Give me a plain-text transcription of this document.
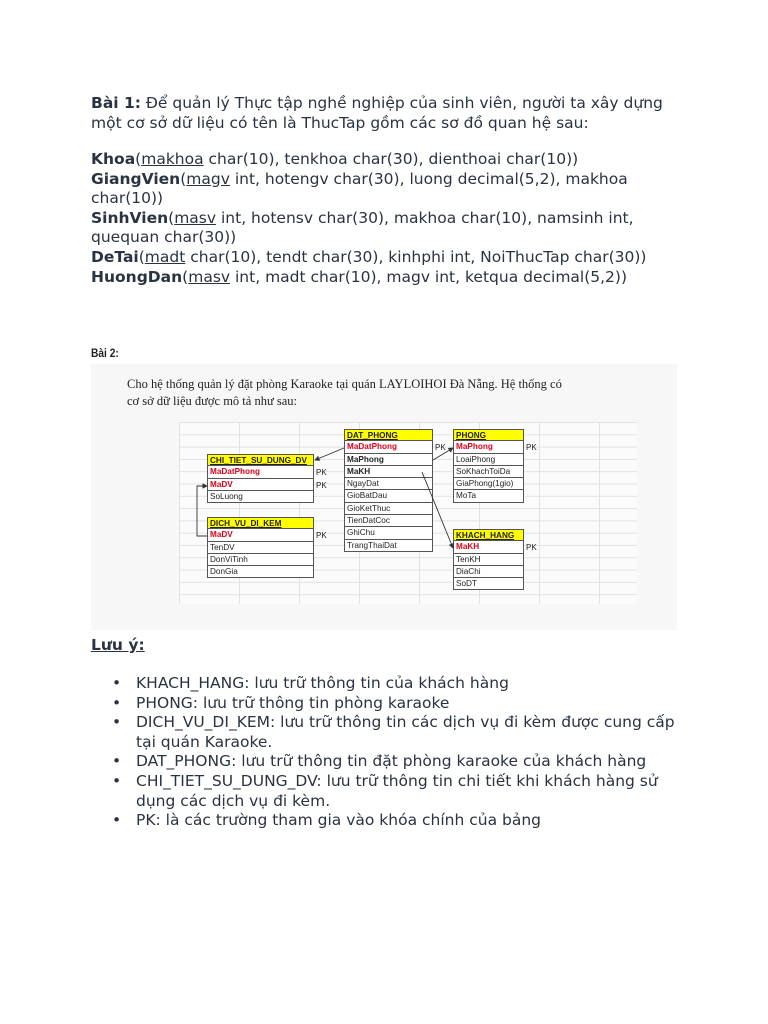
Bài 1: Để quản lý Thực tập nghề nghiệp của sinh viên, người ta xây dựng một cơ sở dữ liệu có tên là ThucTap gồm các sơ đồ quan hệ sau:

Khoa(makhoa char(10), tenkhoa char(30), dienthoai char(10))

GiangVien(magv int, hotengv char(30), luong decimal(5,2), makhoa char(10))

SinhVien(masv int, hotensv char(30), makhoa char(10), namsinh int, quequan char(30))

DeTai(madt char(10), tendt char(30), kinhphi int, NoiThucTap char(30))

HuongDan(masv int, madt char(10), magv int, ketqua decimal(5,2))

Bài 2:
Cho hệ thống quản lý đặt phòng Karaoke tại quán LAYLOIHOI Đà Nẵng. Hệ thống có
cơ sở dữ liệu được mô tả như sau:
CHI_TIET_SU_DUNG_DV
MaDatPhong
MaDV
SoLuong
PK
PK
DICH_VU_DI_KEM
MaDV
TenDV
DonViTinh
DonGia
PK
DAT_PHONG
MaDatPhong
MaPhong
MaKH
NgayDat
GioBatDau
GioKetThuc
TienDatCoc
GhiChu
TrangThaiDat
PK
PHONG
MaPhong
LoaiPhong
SoKhachToiDa
GiaPhong(1gio)
MoTa
PK
KHACH_HANG
MaKH
TenKH
DiaChi
SoDT
PK
Lưu ý:
• KHACH_HANG: lưu trữ thông tin của khách hàng
• PHONG: lưu trữ thông tin phòng karaoke
• DICH_VU_DI_KEM: lưu trữ thông tin các dịch vụ đi kèm được cung cấp tại quán Karaoke.
• DAT_PHONG: lưu trữ thông tin đặt phòng karaoke của khách hàng
• CHI_TIET_SU_DUNG_DV: lưu trữ thông tin chi tiết khi khách hàng sử dụng các dịch vụ đi kèm.
• PK: là các trường tham gia vào khóa chính của bảng
